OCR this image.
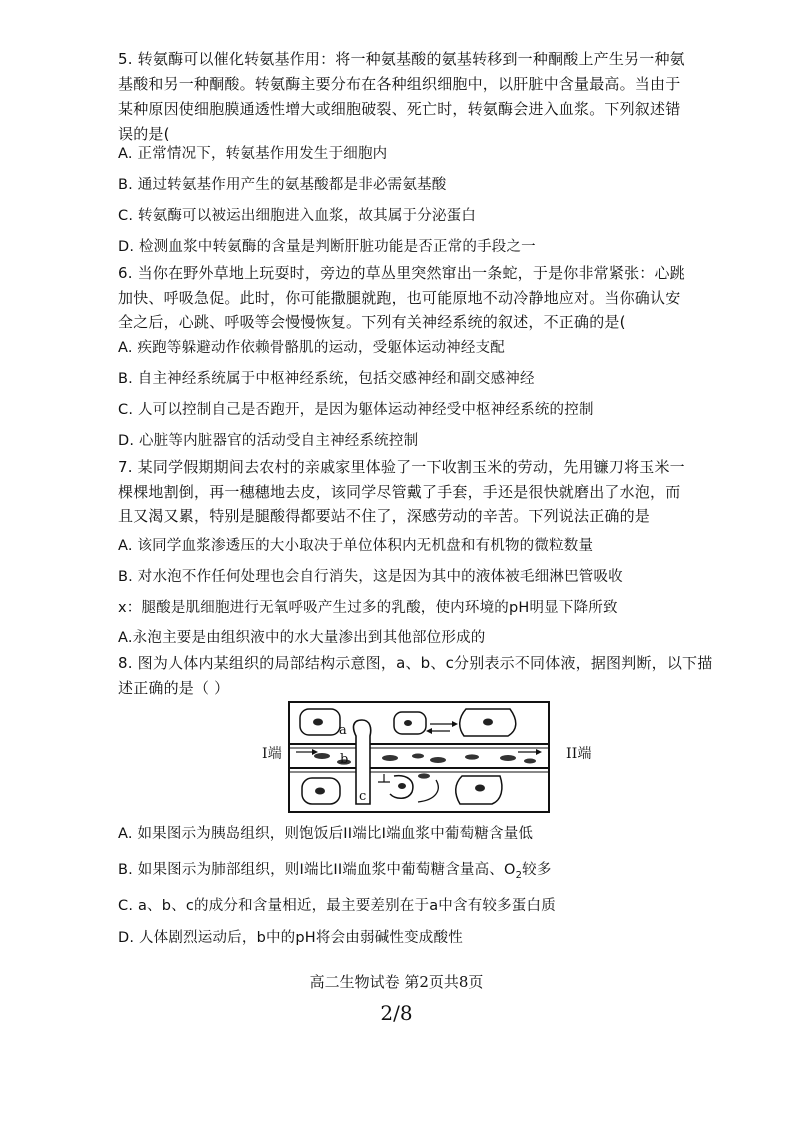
5. 转氨酶可以催化转氨基作用：将一种氨基酸的氨基转移到一种酮酸上产生另一种氨
基酸和另一种酮酸。转氨酶主要分布在各种组织细胞中，以肝脏中含量最高。当由于
某种原因使细胞膜通透性增大或细胞破裂、死亡时，转氨酶会进入血浆。下列叙述错
误的是(
A. 正常情况下，转氨基作用发生于细胞内
B. 通过转氨基作用产生的氨基酸都是非必需氨基酸
C. 转氨酶可以被运出细胞进入血浆，故其属于分泌蛋白
D. 检测血浆中转氨酶的含量是判断肝脏功能是否正常的手段之一
6. 当你在野外草地上玩耍时，旁边的草丛里突然窜出一条蛇，于是你非常紧张：心跳
加快、呼吸急促。此时，你可能撒腿就跑，也可能原地不动冷静地应对。当你确认安
全之后，心跳、呼吸等会慢慢恢复。下列有关神经系统的叙述，不正确的是(
A. 疾跑等躲避动作依赖骨骼肌的运动，受躯体运动神经支配
B. 自主神经系统属于中枢神经系统，包括交感神经和副交感神经
C. 人可以控制自己是否跑开，是因为躯体运动神经受中枢神经系统的控制
D. 心脏等内脏器官的活动受自主神经系统控制
7. 某同学假期期间去农村的亲戚家里体验了一下收割玉米的劳动，先用镰刀将玉米一
棵棵地割倒，再一穗穗地去皮，该同学尽管戴了手套，手还是很快就磨出了水泡，而
且又渴又累，特别是腿酸得都要站不住了，深感劳动的辛苦。下列说法正确的是
A. 该同学血浆渗透压的大小取决于单位体积内无机盘和有机物的微粒数量
B. 对水泡不作任何处理也会自行消失，这是因为其中的液体被毛细淋巴管吸收
x：腿酸是肌细胞进行无氧呼吸产生过多的乳酸，使内环境的pH明显下降所致
A.永泡主要是由组织液中的水大量渗出到其他部位形成的
8. 图为人体内某组织的局部结构示意图，a、b、c分别表示不同体液，据图判断，以下描
述正确的是（ ）
a
b
c
I端	II端
A. 如果图示为胰岛组织，则饱饭后II端比I端血浆中葡萄糖含量低
B. 如果图示为肺部组织，则I端比II端血浆中葡萄糖含量高、$O_2$较多
C. a、b、c的成分和含量相近，最主要差别在于a中含有较多蛋白质
D. 人体剧烈运动后，b中的pH将会由弱碱性变成酸性
高二生物试卷 第2页共8页
2/8
